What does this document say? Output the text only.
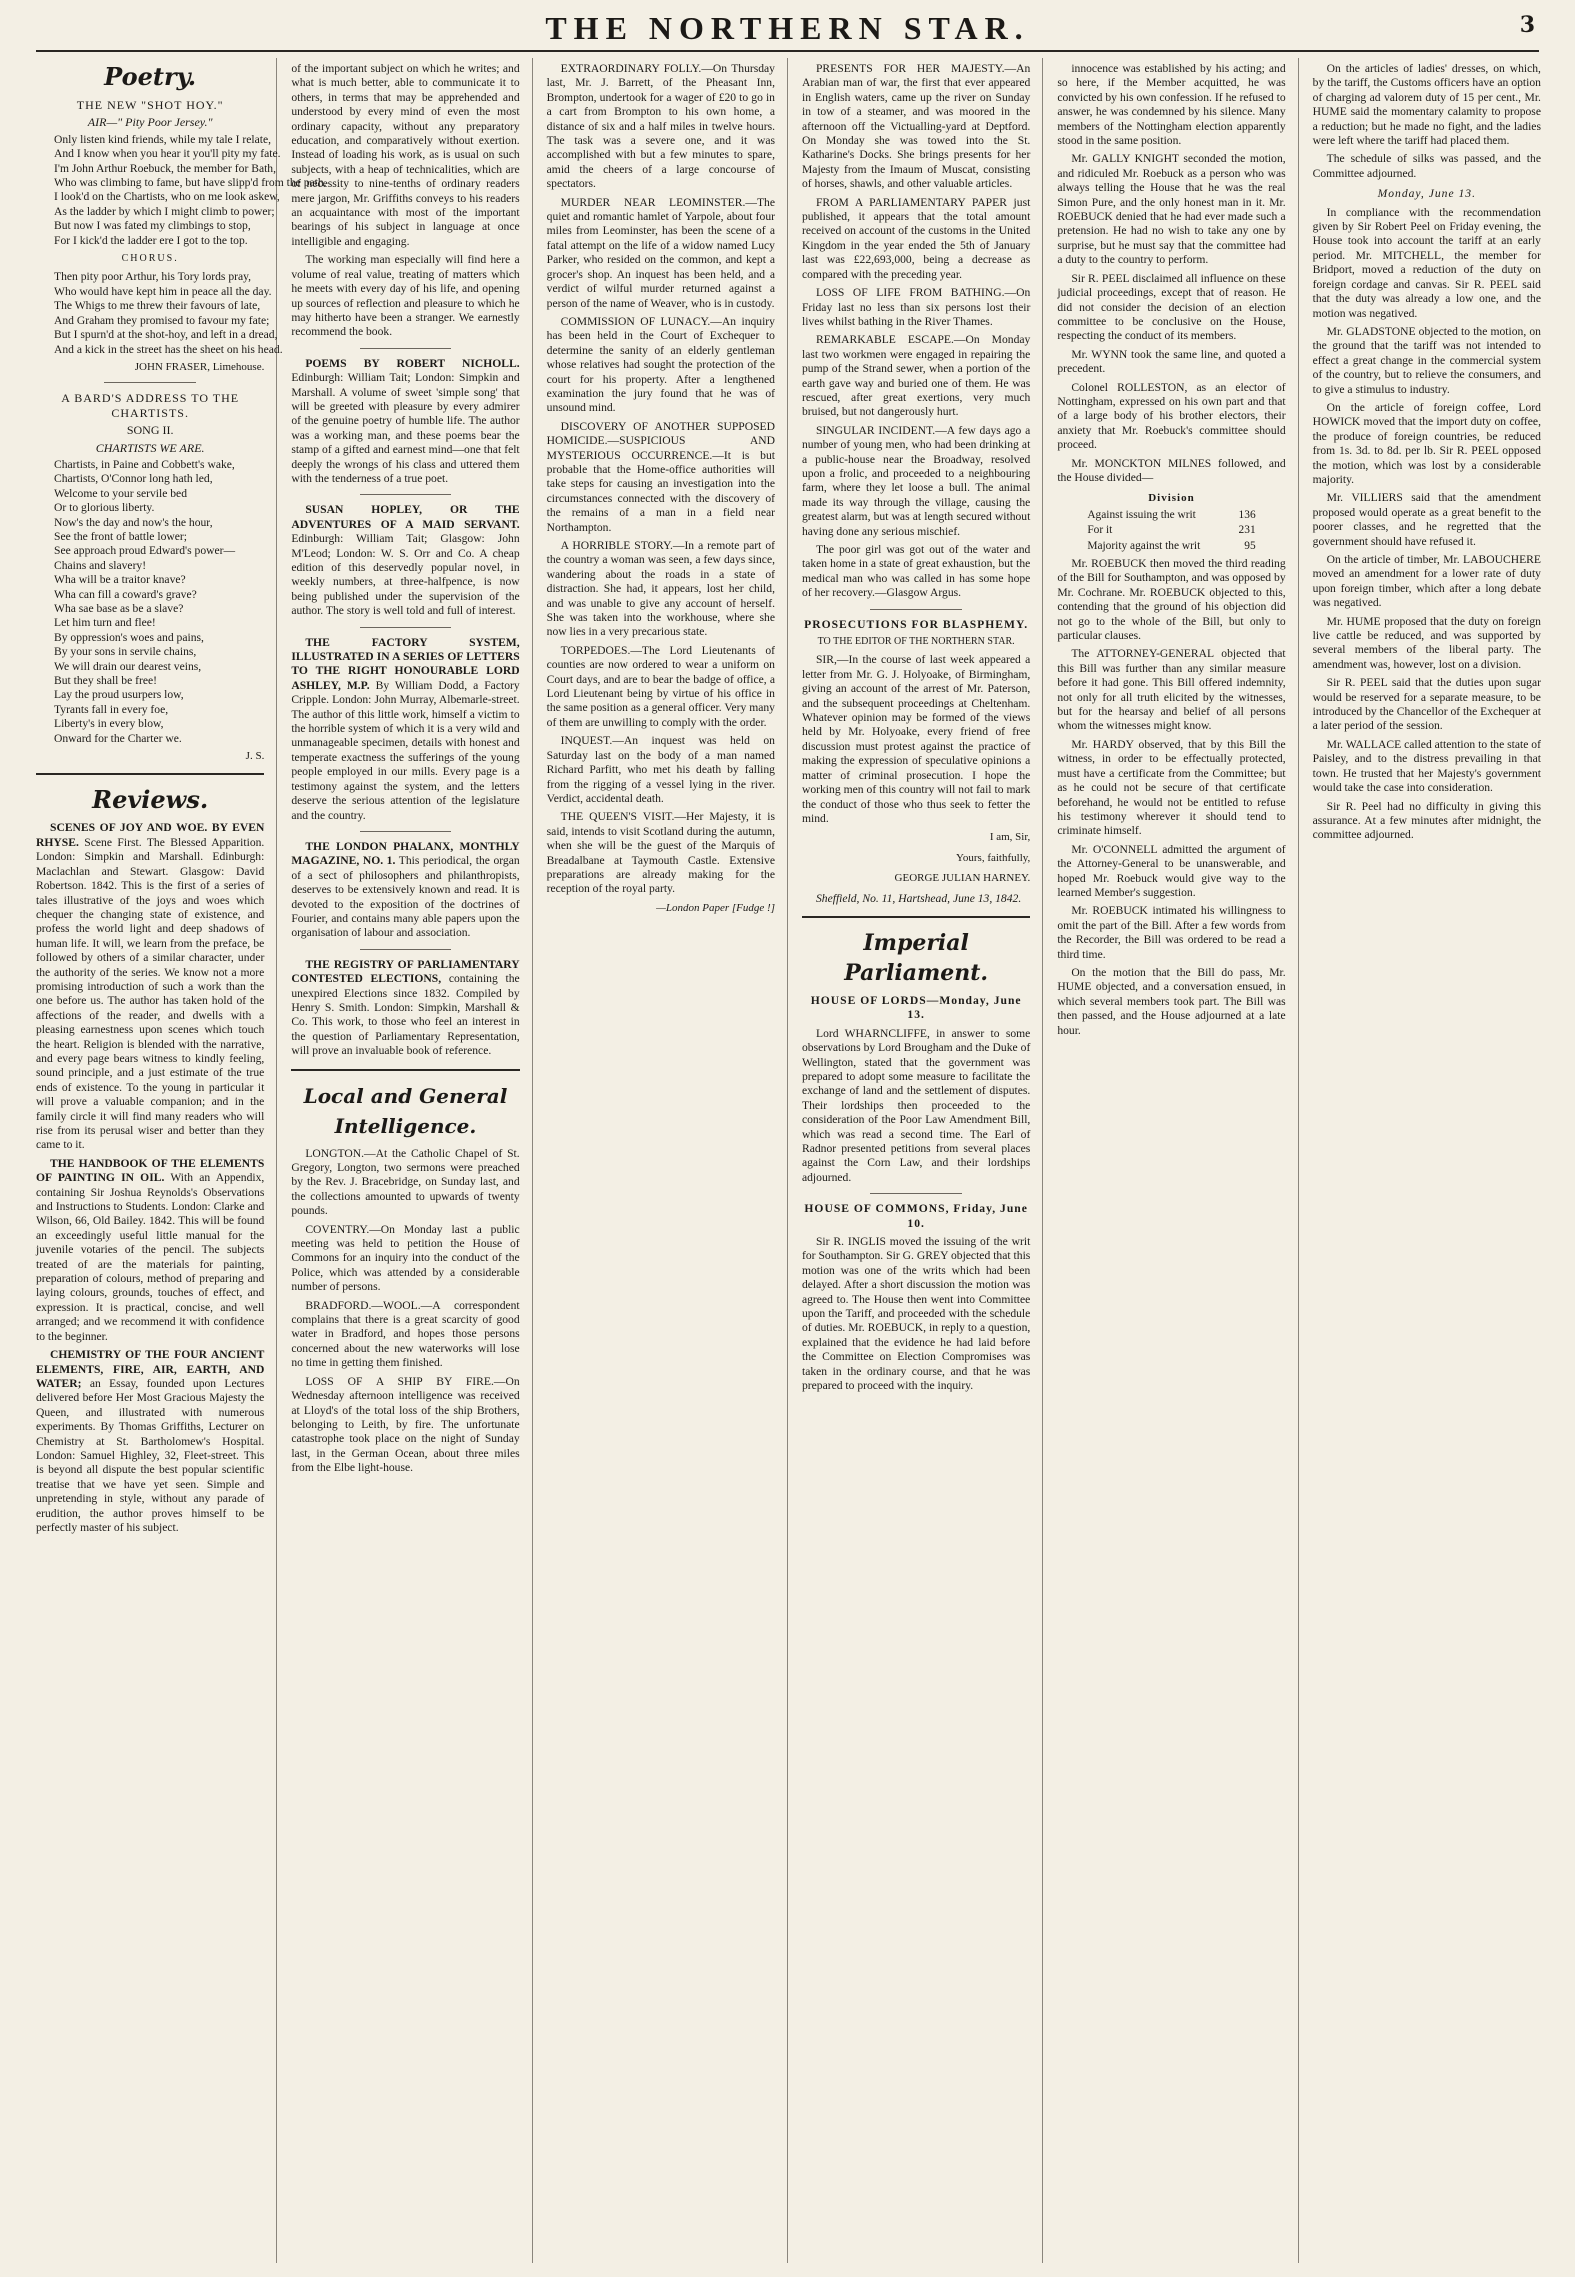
THE NORTHERN STAR.	3
Poetry.
THE NEW "SHOT HOY."
AIR—" Pity Poor Jersey."
Only listen kind friends, while my tale I relate,
And I know when you hear it you'll pity my fate.
I'm John Arthur Roebuck, the member for Bath,
Who was climbing to fame, but have slipp'd from the path.
I look'd on the Chartists, who on me look askew,
As the ladder by which I might climb to power;
But now I was fated my climbings to stop,
For I kick'd the ladder ere I got to the top.
CHORUS.
Then pity poor Arthur, his Tory lords pray,
Who would have kept him in peace all the day.
The Whigs to me threw their favours of late,
And Graham they promised to favour my fate;
But I spurn'd at the shot-hoy, and left in a dread,
And a kick in the street has the sheet on his head.
JOHN FRASER, Limehouse.
A BARD'S ADDRESS TO THE CHARTISTS.
SONG II.
CHARTISTS WE ARE.
Chartists, in Paine and Cobbett's wake,
Chartists, O'Connor long hath led,
Welcome to your servile bed
Or to glorious liberty.
Now's the day and now's the hour,
See the front of battle lower;
See approach proud Edward's power—
Chains and slavery!
Wha will be a traitor knave?
Wha can fill a coward's grave?
Wha sae base as be a slave?
Let him turn and flee!
By oppression's woes and pains,
By your sons in servile chains,
We will drain our dearest veins,
But they shall be free!
Lay the proud usurpers low,
Tyrants fall in every foe,
Liberty's in every blow,
Onward for the Charter we.
J. S.
Reviews.

SCENES OF JOY AND WOE. BY EVEN RHYSE. Scene First. The Blessed Apparition. London: Simpkin and Marshall. Edinburgh: Maclachlan and Stewart. Glasgow: David Robertson. 1842. This is the first of a series of tales illustrative of the joys and woes which chequer the changing state of existence, and profess the world light and deep shadows of human life. It will, we learn from the preface, be followed by others of a similar character, under the authority of the series. We know not a more promising introduction of such a work than the one before us. The author has taken hold of the affections of the reader, and dwells with a pleasing earnestness upon scenes which touch the heart. Religion is blended with the narrative, and every page bears witness to kindly feeling, sound principle, and a just estimate of the true ends of existence. To the young in particular it will prove a valuable companion; and in the family circle it will find many readers who will rise from its perusal wiser and better than they came to it.

THE HANDBOOK OF THE ELEMENTS OF PAINTING IN OIL. With an Appendix, containing Sir Joshua Reynolds's Observations and Instructions to Students. London: Clarke and Wilson, 66, Old Bailey. 1842. This will be found an exceedingly useful little manual for the juvenile votaries of the pencil. The subjects treated of are the materials for painting, preparation of colours, method of preparing and laying colours, grounds, touches of effect, and expression. It is practical, concise, and well arranged; and we recommend it with confidence to the beginner.

CHEMISTRY OF THE FOUR ANCIENT ELEMENTS, FIRE, AIR, EARTH, AND WATER; an Essay, founded upon Lectures delivered before Her Most Gracious Majesty the Queen, and illustrated with numerous experiments. By Thomas Griffiths, Lecturer on Chemistry at St. Bartholomew's Hospital. London: Samuel Highley, 32, Fleet-street. This is beyond all dispute the best popular scientific treatise that we have yet seen. Simple and unpretending in style, without any parade of erudition, the author proves himself to be perfectly master of his subject.

of the important subject on which he writes; and what is much better, able to communicate it to others, in terms that may be apprehended and understood by every mind of even the most ordinary capacity, without any preparatory education, and comparatively without exertion. Instead of loading his work, as is usual on such subjects, with a heap of technicalities, which are of necessity to nine-tenths of ordinary readers mere jargon, Mr. Griffiths conveys to his readers an acquaintance with most of the important bearings of his subject in language at once intelligible and engaging.

The working man especially will find here a volume of real value, treating of matters which he meets with every day of his life, and opening up sources of reflection and pleasure to which he may hitherto have been a stranger. We earnestly recommend the book.

POEMS BY ROBERT NICHOLL. Edinburgh: William Tait; London: Simpkin and Marshall. A volume of sweet 'simple song' that will be greeted with pleasure by every admirer of the genuine poetry of humble life. The author was a working man, and these poems bear the stamp of a gifted and earnest mind—one that felt deeply the wrongs of his class and uttered them with the tenderness of a true poet.

SUSAN HOPLEY, OR THE ADVENTURES OF A MAID SERVANT. Edinburgh: William Tait; Glasgow: John M'Leod; London: W. S. Orr and Co. A cheap edition of this deservedly popular novel, in weekly numbers, at three-halfpence, is now being published under the supervision of the author. The story is well told and full of interest.

THE FACTORY SYSTEM, ILLUSTRATED IN A SERIES OF LETTERS TO THE RIGHT HONOURABLE LORD ASHLEY, M.P. By William Dodd, a Factory Cripple. London: John Murray, Albemarle-street. The author of this little work, himself a victim to the horrible system of which it is a very wild and unmanageable specimen, details with honest and temperate exactness the sufferings of the young people employed in our mills. Every page is a testimony against the system, and the letters deserve the serious attention of the legislature and the country.

THE LONDON PHALANX, MONTHLY MAGAZINE, NO. 1. This periodical, the organ of a sect of philosophers and philanthropists, deserves to be extensively known and read. It is devoted to the exposition of the doctrines of Fourier, and contains many able papers upon the organisation of labour and association.

THE REGISTRY OF PARLIAMENTARY CONTESTED ELECTIONS, containing the unexpired Elections since 1832. Compiled by Henry S. Smith. London: Simpkin, Marshall & Co. This work, to those who feel an interest in the question of Parliamentary Representation, will prove an invaluable book of reference.

Local and General Intelligence.

LONGTON.—At the Catholic Chapel of St. Gregory, Longton, two sermons were preached by the Rev. J. Bracebridge, on Sunday last, and the collections amounted to upwards of twenty pounds.

COVENTRY.—On Monday last a public meeting was held to petition the House of Commons for an inquiry into the conduct of the Police, which was attended by a considerable number of persons.

BRADFORD.—WOOL.—A correspondent complains that there is a great scarcity of good water in Bradford, and hopes those persons concerned about the new waterworks will lose no time in getting them finished.

LOSS OF A SHIP BY FIRE.—On Wednesday afternoon intelligence was received at Lloyd's of the total loss of the ship Brothers, belonging to Leith, by fire. The unfortunate catastrophe took place on the night of Sunday last, in the German Ocean, about three miles from the Elbe light-house.

EXTRAORDINARY FOLLY.—On Thursday last, Mr. J. Barrett, of the Pheasant Inn, Brompton, undertook for a wager of £20 to go in a cart from Brompton to his own home, a distance of six and a half miles in twelve hours. The task was a severe one, and it was accomplished with but a few minutes to spare, amid the cheers of a large concourse of spectators.

MURDER NEAR LEOMINSTER.—The quiet and romantic hamlet of Yarpole, about four miles from Leominster, has been the scene of a fatal attempt on the life of a widow named Lucy Parker, who resided on the common, and kept a grocer's shop. An inquest has been held, and a verdict of wilful murder returned against a person of the name of Weaver, who is in custody.

COMMISSION OF LUNACY.—An inquiry has been held in the Court of Exchequer to determine the sanity of an elderly gentleman whose relatives had sought the protection of the court for his property. After a lengthened examination the jury found that he was of unsound mind.

DISCOVERY OF ANOTHER SUPPOSED HOMICIDE.—SUSPICIOUS AND MYSTERIOUS OCCURRENCE.—It is but probable that the Home-office authorities will take steps for causing an investigation into the circumstances connected with the discovery of the remains of a man in a field near Northampton.

A HORRIBLE STORY.—In a remote part of the country a woman was seen, a few days since, wandering about the roads in a state of distraction. She had, it appears, lost her child, and was unable to give any account of herself. She was taken into the workhouse, where she now lies in a very precarious state.

TORPEDOES.—The Lord Lieutenants of counties are now ordered to wear a uniform on Court days, and are to bear the badge of office, a Lord Lieutenant being by virtue of his office in the same position as a general officer. Very many of them are unwilling to comply with the order.

INQUEST.—An inquest was held on Saturday last on the body of a man named Richard Parfitt, who met his death by falling from the rigging of a vessel lying in the river. Verdict, accidental death.

THE QUEEN'S VISIT.—Her Majesty, it is said, intends to visit Scotland during the autumn, when she will be the guest of the Marquis of Breadalbane at Taymouth Castle. Extensive preparations are already making for the reception of the royal party.

—London Paper [Fudge !]

PRESENTS FOR HER MAJESTY.—An Arabian man of war, the first that ever appeared in English waters, came up the river on Sunday in tow of a steamer, and was moored in the afternoon off the Victualling-yard at Deptford. On Monday she was towed into the St. Katharine's Docks. She brings presents for her Majesty from the Imaum of Muscat, consisting of horses, shawls, and other valuable articles.

FROM A PARLIAMENTARY PAPER just published, it appears that the total amount received on account of the customs in the United Kingdom in the year ended the 5th of January last was £22,693,000, being a decrease as compared with the preceding year.

LOSS OF LIFE FROM BATHING.—On Friday last no less than six persons lost their lives whilst bathing in the River Thames.

REMARKABLE ESCAPE.—On Monday last two workmen were engaged in repairing the pump of the Strand sewer, when a portion of the earth gave way and buried one of them. He was rescued, after great exertions, very much bruised, but not dangerously hurt.

SINGULAR INCIDENT.—A few days ago a number of young men, who had been drinking at a public-house near the Broadway, resolved upon a frolic, and proceeded to a neighbouring farm, where they let loose a bull. The animal made its way through the village, causing the greatest alarm, but was at length secured without having done any serious mischief.

The poor girl was got out of the water and taken home in a state of great exhaustion, but the medical man who was called in has some hope of her recovery.—Glasgow Argus.

PROSECUTIONS FOR BLASPHEMY.
TO THE EDITOR OF THE NORTHERN STAR.

SIR,—In the course of last week appeared a letter from Mr. G. J. Holyoake, of Birmingham, giving an account of the arrest of Mr. Paterson, and the subsequent proceedings at Cheltenham. Whatever opinion may be formed of the views held by Mr. Holyoake, every friend of free discussion must protest against the practice of making the expression of speculative opinions a matter of criminal prosecution. I hope the working men of this country will not fail to mark the conduct of those who thus seek to fetter the mind.

I am, Sir,
Yours, faithfully,
GEORGE JULIAN HARNEY.
Sheffield, No. 11, Hartshead, June 13, 1842.
Imperial Parliament.
HOUSE OF LORDS—Monday, June 13.

Lord WHARNCLIFFE, in answer to some observations by Lord Brougham and the Duke of Wellington, stated that the government was prepared to adopt some measure to facilitate the exchange of land and the settlement of disputes. Their lordships then proceeded to the consideration of the Poor Law Amendment Bill, which was read a second time. The Earl of Radnor presented petitions from several places against the Corn Law, and their lordships adjourned.

HOUSE OF COMMONS, Friday, June 10.

Sir R. INGLIS moved the issuing of the writ for Southampton. Sir G. GREY objected that this motion was one of the writs which had been delayed. After a short discussion the motion was agreed to. The House then went into Committee upon the Tariff, and proceeded with the schedule of duties. Mr. ROEBUCK, in reply to a question, explained that the evidence he had laid before the Committee on Election Compromises was taken in the ordinary course, and that he was prepared to proceed with the inquiry.

innocence was established by his acting; and so here, if the Member acquitted, he was convicted by his own confession. If he refused to answer, he was condemned by his silence. Many members of the Nottingham election apparently stood in the same position.

Mr. GALLY KNIGHT seconded the motion, and ridiculed Mr. Roebuck as a person who was always telling the House that he was the real Simon Pure, and the only honest man in it. Mr. ROEBUCK denied that he had ever made such a pretension. He had no wish to take any one by surprise, but he must say that the committee had a duty to the country to perform.

Sir R. PEEL disclaimed all influence on these judicial proceedings, except that of reason. He did not consider the decision of an election committee to be conclusive on the House, respecting the conduct of its members.

Mr. WYNN took the same line, and quoted a precedent.

Colonel ROLLESTON, as an elector of Nottingham, expressed on his own part and that of a large body of his brother electors, their anxiety that Mr. Roebuck's committee should proceed.

Mr. MONCKTON MILNES followed, and the House divided—

Division
Against issuing the writ	136
For it	231
Majority against the writ	95

Mr. ROEBUCK then moved the third reading of the Bill for Southampton, and was opposed by Mr. Cochrane. Mr. ROEBUCK objected to this, contending that the ground of his objection did not go to the whole of the Bill, but only to particular clauses.

The ATTORNEY-GENERAL objected that this Bill was further than any similar measure before it had gone. This Bill offered indemnity, not only for all truth elicited by the witnesses, but for the hearsay and belief of all persons whom the witnesses might know.

Mr. HARDY observed, that by this Bill the witness, in order to be effectually protected, must have a certificate from the Committee; but as he could not be secure of that certificate beforehand, he would not be entitled to refuse his testimony wherever it should tend to criminate himself.

Mr. O'CONNELL admitted the argument of the Attorney-General to be unanswerable, and hoped Mr. Roebuck would give way to the learned Member's suggestion.

Mr. ROEBUCK intimated his willingness to omit the part of the Bill. After a few words from the Recorder, the Bill was ordered to be read a third time.

On the motion that the Bill do pass, Mr. HUME objected, and a conversation ensued, in which several members took part. The Bill was then passed, and the House adjourned at a late hour.

On the articles of ladies' dresses, on which, by the tariff, the Customs officers have an option of charging ad valorem duty of 15 per cent., Mr. HUME said the momentary calamity to propose a reduction; but he made no fight, and the ladies were left where the tariff had placed them.

The schedule of silks was passed, and the Committee adjourned.

Monday, June 13.

In compliance with the recommendation given by Sir Robert Peel on Friday evening, the House took into account the tariff at an early period. Mr. MITCHELL, the member for Bridport, moved a reduction of the duty on foreign cordage and canvas. Sir R. PEEL said that the duty was already a low one, and the motion was negatived.

Mr. GLADSTONE objected to the motion, on the ground that the tariff was not intended to effect a great change in the commercial system of the country, but to relieve the consumers, and to give a stimulus to industry.

On the article of foreign coffee, Lord HOWICK moved that the import duty on coffee, the produce of foreign countries, be reduced from 1s. 3d. to 8d. per lb. Sir R. PEEL opposed the motion, which was lost by a considerable majority.

Mr. VILLIERS said that the amendment proposed would operate as a great benefit to the poorer classes, and he regretted that the government should have refused it.

On the article of timber, Mr. LABOUCHERE moved an amendment for a lower rate of duty upon foreign timber, which after a long debate was negatived.

Mr. HUME proposed that the duty on foreign live cattle be reduced, and was supported by several members of the liberal party. The amendment was, however, lost on a division.

Sir R. PEEL said that the duties upon sugar would be reserved for a separate measure, to be introduced by the Chancellor of the Exchequer at a later period of the session.

Mr. WALLACE called attention to the state of Paisley, and to the distress prevailing in that town. He trusted that her Majesty's government would take the case into consideration.

Sir R. Peel had no difficulty in giving this assurance. At a few minutes after midnight, the committee adjourned.
